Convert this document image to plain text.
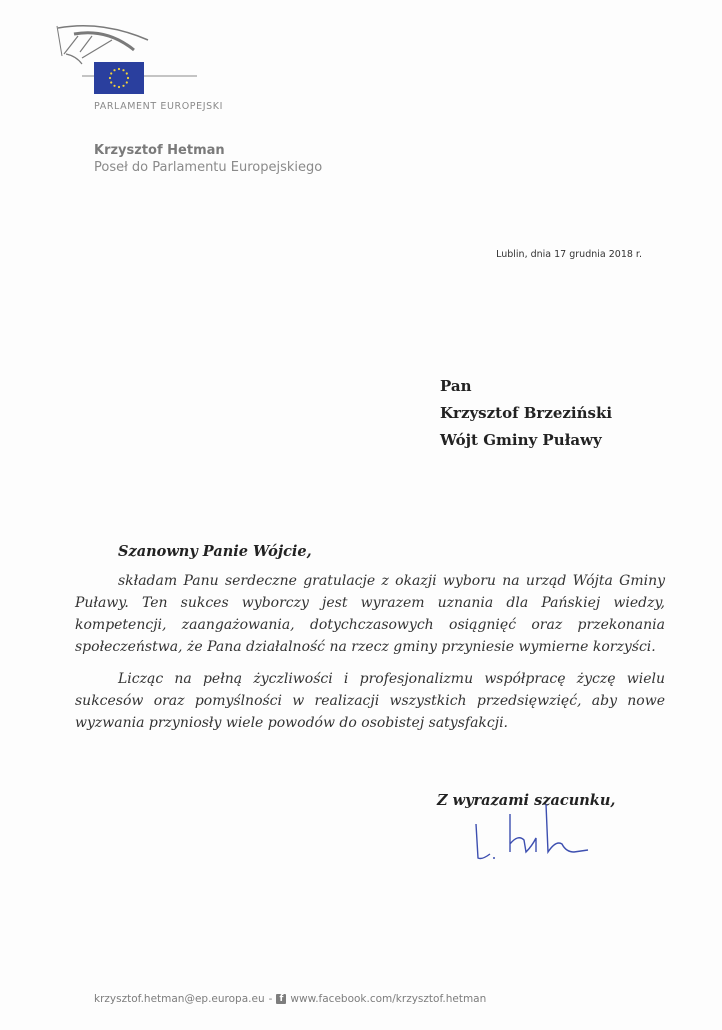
PARLAMENT EUROPEJSKI
Krzysztof Hetman
Poseł do Parlamentu Europejskiego
Lublin, dnia 17 grudnia 2018 r.
Pan
Krzysztof Brzeziński
Wójt Gminy Puławy
Szanowny Panie Wójcie,

składam Panu serdeczne gratulacje z okazji wyboru na urząd Wójta Gminy Puławy. Ten sukces wyborczy jest wyrazem uznania dla Pańskiej wiedzy, kompetencji, zaangażowania, dotychczasowych osiągnięć oraz przekonania społeczeństwa, że Pana działalność na rzecz gminy przyniesie wymierne korzyści.

Licząc na pełną życzliwości i profesjonalizmu współpracę życzę wielu sukcesów oraz pomyślności w realizacji wszystkich przedsięwzięć, aby nowe wyzwania przyniosły wiele powodów do osobistej satysfakcji.

Z wyrazami szacunku,
krzysztof.hetman@ep.europa.eu - f www.facebook.com/krzysztof.hetman
